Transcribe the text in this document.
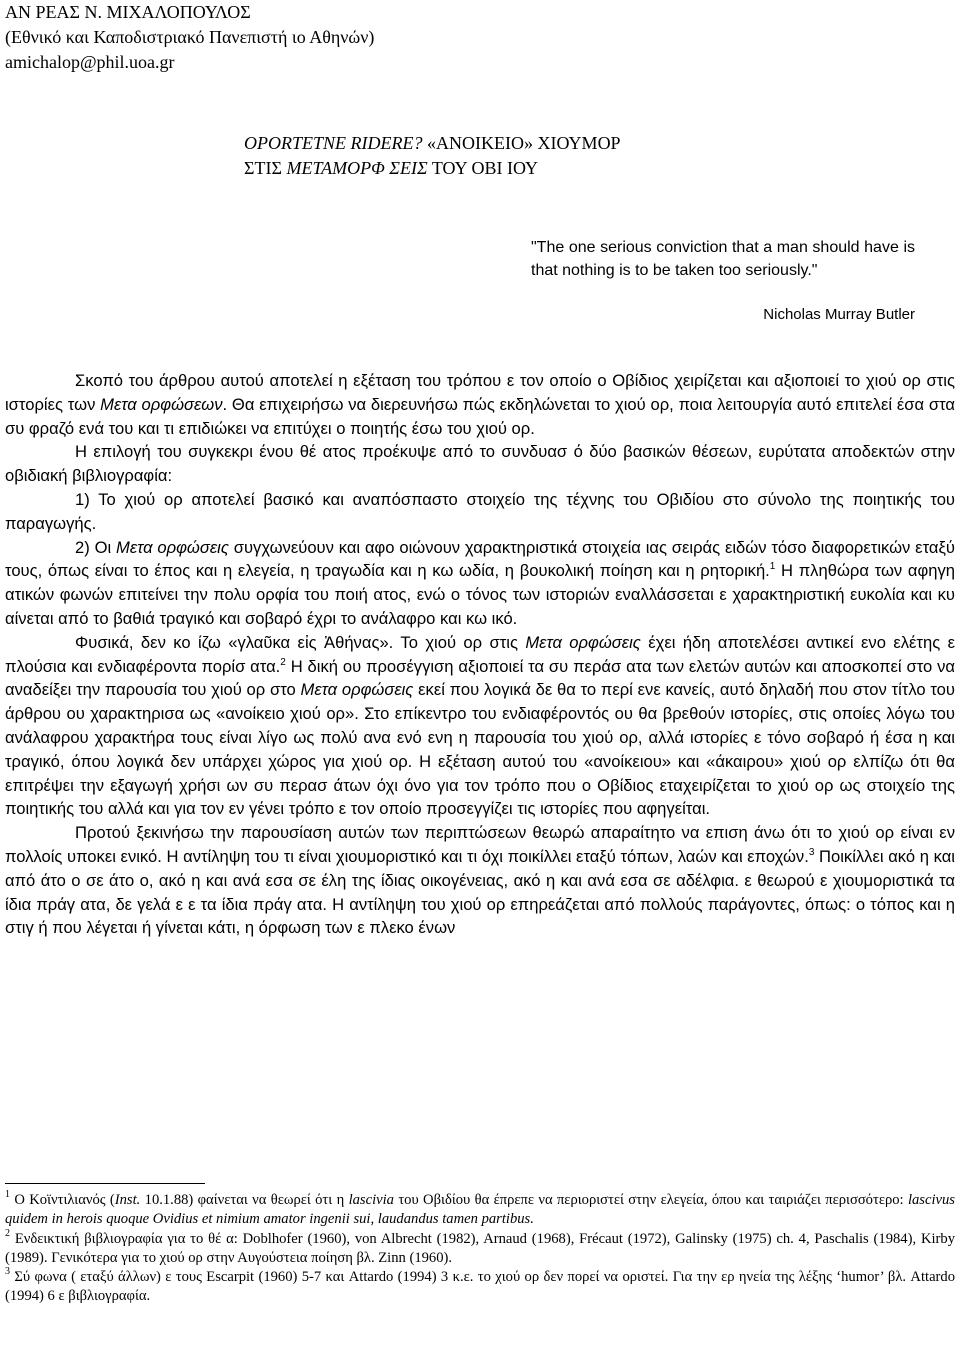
ΑΝ ΡΕΑΣ Ν. ΜΙΧΑΛΟΠΟΥΛΟΣ
(Εθνικό και Καποδιστριακό Πανεπιστή ιο Αθηνών)
amichalop@phil.uoa.gr
OPORTETNE RIDERE? «ΑΝΟΙΚΕΙΟ» ΧΙΟΥΜΟΡ
ΣΤΙΣ ΜΕΤΑΜΟΡΦ ΣΕΙΣ ΤΟΥ ΟΒΙ ΙΟΥ
"The one serious conviction that a man should have is that nothing is to be taken too seriously."
Nicholas Murray Butler

Σκοπό του άρθρου αυτού αποτελεί η εξέταση του τρόπου ε τον οποίο ο Οβίδιος χειρίζεται και αξιοποιεί το χιού ορ στις ιστορίες των Μετα ορφώσεων. Θα επιχειρήσω να διερευνήσω πώς εκδηλώνεται το χιού ορ, ποια λειτουργία αυτό επιτελεί έσα στα συ φραζό ενά του και τι επιδιώκει να επιτύχει ο ποιητής έσω του χιού ορ.

Η επιλογή του συγκεκρι ένου θέ ατος προέκυψε από το συνδυασ ό δύο βασικών θέσεων, ευρύτατα αποδεκτών στην οβιδιακή βιβλιογραφία:

1) Το χιού ορ αποτελεί βασικό και αναπόσπαστο στοιχείο της τέχνης του Οβιδίου στο σύνολο της ποιητικής του παραγωγής.

2) Οι Μετα ορφώσεις συγχωνεύουν και αφο οιώνουν χαρακτηριστικά στοιχεία ιας σειράς ειδών τόσο διαφορετικών εταξύ τους, όπως είναι το έπος και η ελεγεία, η τραγωδία και η κω ωδία, η βουκολική ποίηση και η ρητορική.$^1$ Η πληθώρα των αφηγη ατικών φωνών επιτείνει την πολυ ορφία του ποιή ατος, ενώ ο τόνος των ιστοριών εναλλάσσεται ε χαρακτηριστική ευκολία και κυ αίνεται από το βαθιά τραγικό και σοβαρό έχρι το ανάλαφρο και κω ικό.

Φυσικά, δεν κο ίζω «γλαῦκα εἰς Ἀθήνας». Το χιού ορ στις Μετα ορφώσεις έχει ήδη αποτελέσει αντικεί ενο ελέτης ε πλούσια και ενδιαφέροντα πορίσ ατα.$^2$ Η δική ου προσέγγιση αξιοποιεί τα συ περάσ ατα των ελετών αυτών και αποσκοπεί στο να αναδείξει την παρουσία του χιού ορ στο Μετα ορφώσεις εκεί που λογικά δε θα το περί ενε κανείς, αυτό δηλαδή που στον τίτλο του άρθρου ου χαρακτηρισα ως «ανοίκειο χιού ορ». Στο επίκεντρο του ενδιαφέροντός ου θα βρεθούν ιστορίες, στις οποίες λόγω του ανάλαφρου χαρακτήρα τους είναι λίγο ως πολύ ανα ενό ενη η παρουσία του χιού ορ, αλλά ιστορίες ε τόνο σοβαρό ή έσα η και τραγικό, όπου λογικά δεν υπάρχει χώρος για χιού ορ. Η εξέταση αυτού του «ανοίκειου» και «άκαιρου» χιού ορ ελπίζω ότι θα επιτρέψει την εξαγωγή χρήσι ων συ περασ άτων όχι όνο για τον τρόπο που ο Οβίδιος εταχειρίζεται το χιού ορ ως στοιχείο της ποιητικής του αλλά και για τον εν γένει τρόπο ε τον οποίο προσεγγίζει τις ιστορίες που αφηγείται.

Προτού ξεκινήσω την παρουσίαση αυτών των περιπτώσεων θεωρώ απαραίτητο να επιση άνω ότι το χιού ορ είναι εν πολλοίς υποκει ενικό. Η αντίληψη του τι είναι χιουμοριστικό και τι όχι ποικίλλει εταξύ τόπων, λαών και εποχών.$^3$ Ποικίλλει ακό η και από άτο ο σε άτο ο, ακό η και ανά εσα σε έλη της ίδιας οικογένειας, ακό η και ανά εσα σε αδέλφια. ε θεωρού ε χιουμοριστικά τα ίδια πράγ ατα, δε γελά ε ε τα ίδια πράγ ατα. Η αντίληψη του χιού ορ επηρεάζεται από πολλούς παράγοντες, όπως: ο τόπος και η στιγ ή που λέγεται ή γίνεται κάτι, η όρφωση των ε πλεκο ένων

$^1$ Ο Κοϊντιλιανός (Inst. 10.1.88) φαίνεται να θεωρεί ότι η lascivia του Οβιδίου θα έπρεπε να περιοριστεί στην ελεγεία, όπου και ταιριάζει περισσότερο: lascivus quidem in herois quoque Ovidius et nimium amator ingenii sui, laudandus tamen partibus.

$^2$ Ενδεικτική βιβλιογραφία για το θέ α: Doblhofer (1960), von Albrecht (1982), Arnaud (1968), Frécaut (1972), Galinsky (1975) ch. 4, Paschalis (1984), Kirby (1989). Γενικότερα για το χιού ορ στην Αυγούστεια ποίηση βλ. Zinn (1960).

$^3$ Σύ φωνα ( εταξύ άλλων) ε τους Escarpit (1960) 5-7 και Attardo (1994) 3 κ.ε. το χιού ορ δεν πορεί να οριστεί. Για την ερ ηνεία της λέξης ‘humor’ βλ. Attardo (1994) 6 ε βιβλιογραφία.
